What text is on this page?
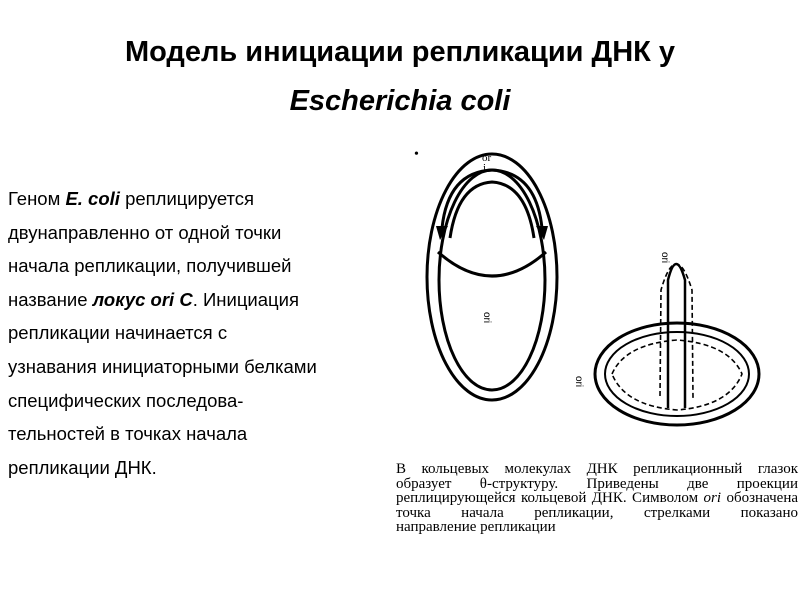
Модель инициации репликации ДНК у
Escherichia coli
Геном E. coli реплицируется двунаправленно от одной точки начала репликации, получившей название локус ori C. Инициация репликации начинается с узнавания инициаторными белками специфических последова-тельностей в точках начала репликации ДНК.
•	or
i
ori
ori
ori
В кольцевых молекулах ДНК репликационный глазок образует θ-структуру. Приведены две проекции реплицирующейся кольцевой ДНК. Символом ori обозначена точка начала репликации, стрелками показано
направление репликации
